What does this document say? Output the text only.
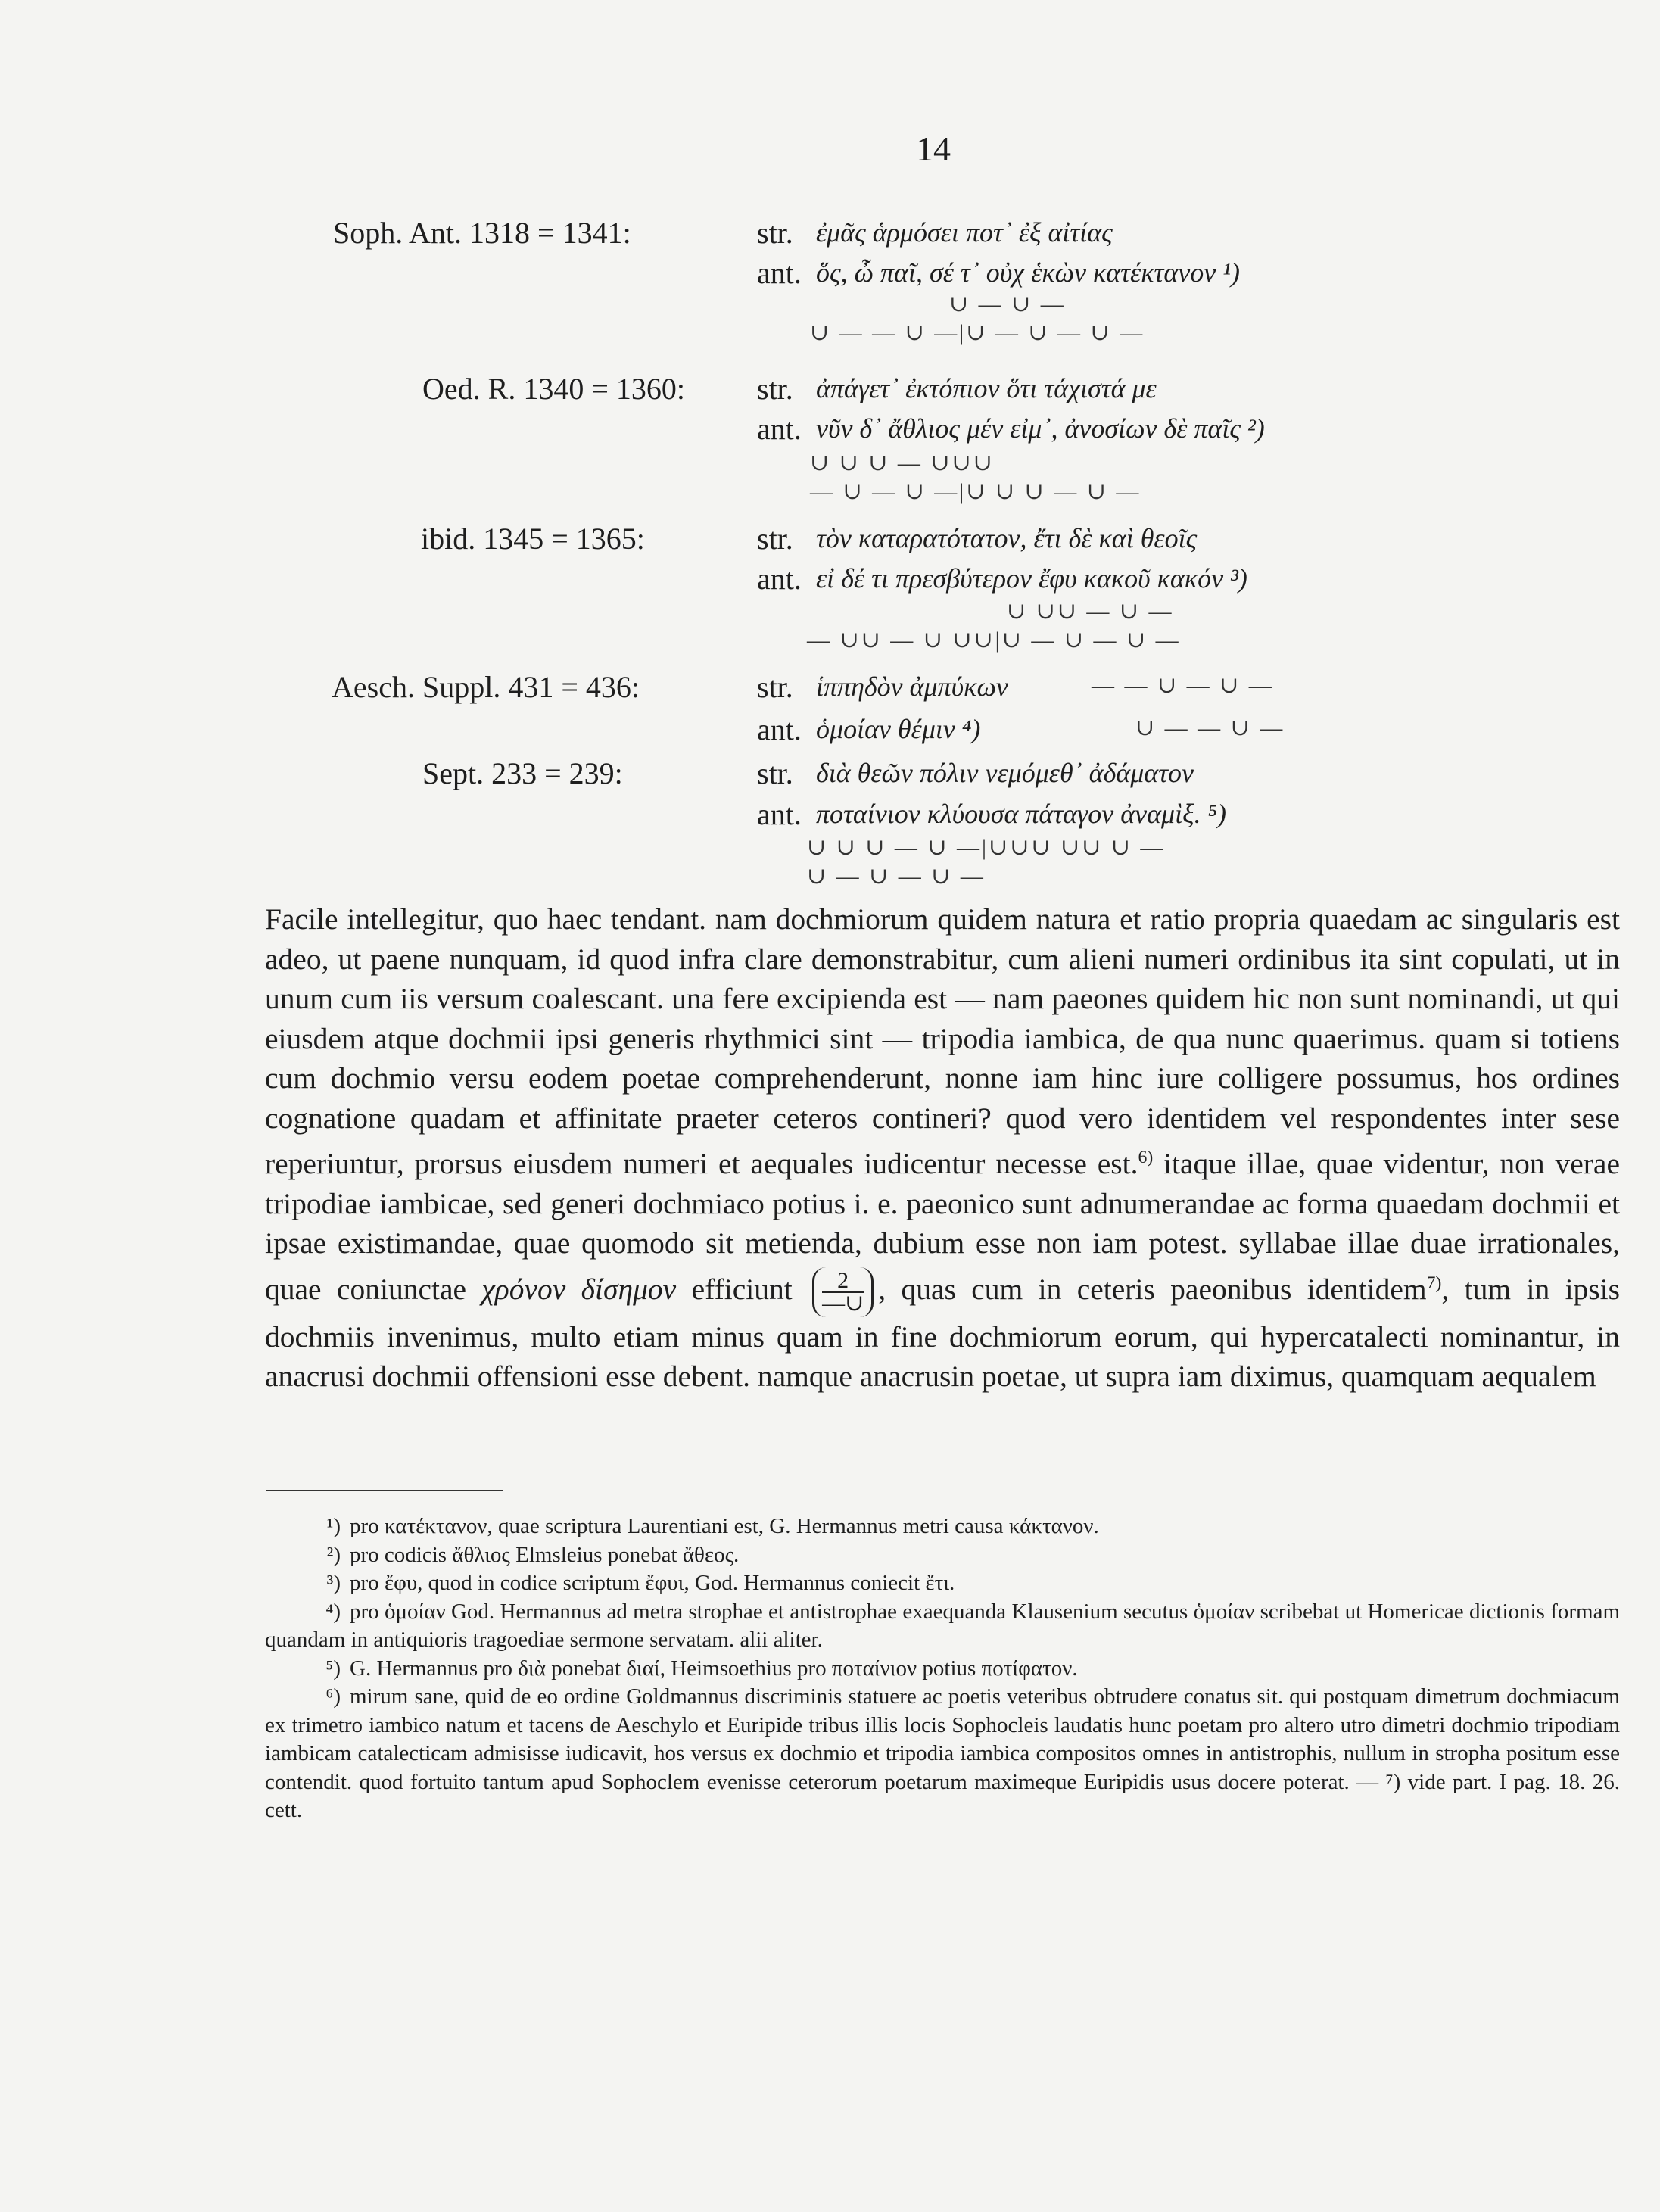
14
Soph. Ant. 1318 = 1341:	str. ἐμᾶς ἁρμόσει ποτ᾽ ἐξ αἰτίας
ant. ὅς, ὦ παῖ, σέ τ᾽ οὐχ ἑκὼν κατέκτανον ¹)
∪ — ∪ —
∪ — — ∪ —|∪ — ∪ — ∪ —
Oed. R. 1340 = 1360: str. ἀπάγετ᾽ ἐκτόπιον ὅτι τάχιστά με
ant. νῦν δ᾽ ἄθλιος μέν εἰμ᾽, ἀνοσίων δὲ παῖς ²)
∪ ∪ ∪ — ∪∪∪
— ∪ — ∪ —|∪ ∪ ∪ — ∪ —
ibid. 1345 = 1365:	str. τὸν καταρατότατον, ἔτι δὲ καὶ θεοῖς
ant. εἰ δέ τι πρεσβύτερον ἔφυ κακοῦ κακόν ³)
∪ ∪∪ — ∪ —
— ∪∪ — ∪ ∪∪|∪ — ∪ — ∪ —
Aesch. Suppl. 431 = 436:	str. ἱππηδὸν ἀμπύκων	— — ∪ — ∪ —
ant. ὁμοίαν θέμιν ⁴)	∪ — — ∪ —
Sept. 233 = 239:	str. διὰ θεῶν πόλιν νεμόμεθ᾽ ἀδάματον
ant. ποταίνιον κλύουσα πάταγον ἀναμὶξ. ⁵)
∪ ∪ ∪ — ∪ —|∪∪∪ ∪∪ ∪ —
∪ — ∪ — ∪ —

Facile intellegitur, quo haec tendant. nam dochmiorum quidem natura et ratio propria quaedam ac singularis est adeo, ut paene nunquam, id quod infra clare demonstrabitur, cum alieni numeri ordinibus ita sint copulati, ut in unum cum iis versum coalescant. una fere excipienda est — nam paeones quidem hic non sunt nominandi, ut qui eiusdem atque dochmii ipsi generis rhythmici sint — tripodia iambica, de qua nunc quaerimus. quam si totiens cum dochmio versu eodem poetae comprehenderunt, nonne iam hinc iure colligere possumus, hos ordines cognatione quadam et affinitate praeter ceteros contineri? quod vero identidem vel respondentes inter sese reperiuntur, prorsus eiusdem numeri et aequales iudicentur necesse est.$^{6)}$ itaque illae, quae videntur, non verae tripodiae iambicae, sed generi dochmiaco potius i. e. paeonico sunt adnumerandae ac forma quaedam dochmii et ipsae existimandae, quae quomodo sit metienda, dubium esse non iam potest. syllabae illae duae irrationales, quae coniunctae χρόνον δίσημον efficiunt $\frac{2}{—\cup}$ , quas cum in ceteris paeonibus identidem$^{7)}$, tum in ipsis dochmiis invenimus, multo etiam minus quam in fine dochmiorum eorum, qui hypercatalecti nominantur, in anacrusi dochmii offensioni esse debent. namque anacrusin poetae, ut supra iam diximus, quamquam aequalem

¹) pro κατέκτανον, quae scriptura Laurentiani est, G. Hermannus metri causa κάκτανον.

²) pro codicis ἄθλιος Elmsleius ponebat ἄθεος.

³) pro ἔφυ, quod in codice scriptum ἔφυι, God. Hermannus coniecit ἔτι.

⁴) pro ὁμοίαν God. Hermannus ad metra strophae et antistrophae exaequanda Klausenium secutus ὁμοίαν scribebat ut Homericae dictionis formam quandam in antiquioris tragoediae sermone servatam. alii aliter.

⁵) G. Hermannus pro διὰ ponebat διαί, Heimsoethius pro ποταίνιον potius ποτίφατον.

⁶) mirum sane, quid de eo ordine Goldmannus discriminis statuere ac poetis veteribus obtrudere conatus sit. qui postquam dimetrum dochmiacum ex trimetro iambico natum et tacens de Aeschylo et Euripide tribus illis locis Sophocleis laudatis hunc poetam pro altero utro dimetri dochmio tripodiam iambicam catalecticam admisisse iudicavit, hos versus ex dochmio et tripodia iambica compositos omnes in antistrophis, nullum in stropha positum esse contendit. quod fortuito tantum apud Sophoclem evenisse ceterorum poetarum maximeque Euripidis usus docere poterat. — ⁷) vide part. I pag. 18. 26. cett.
